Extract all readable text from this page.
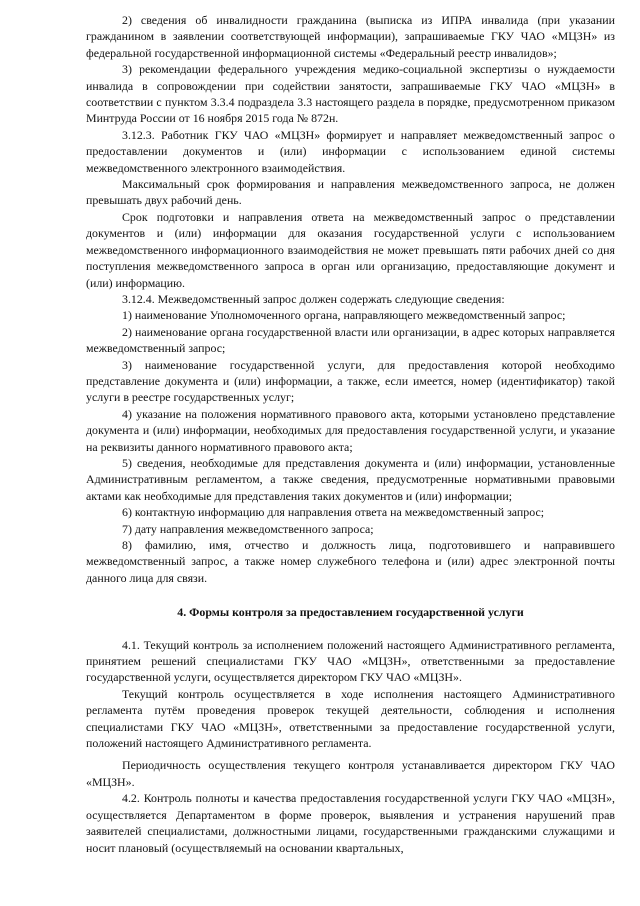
2) сведения об инвалидности гражданина (выписка из ИПРА инвалида (при указании гражданином в заявлении соответствующей информации), запрашиваемые ГКУ ЧАО «МЦЗН» из федеральной государственной информационной системы «Федеральный реестр инвалидов»;

3) рекомендации федерального учреждения медико-социальной экспертизы о нуждаемости инвалида в сопровождении при содействии занятости, запрашиваемые ГКУ ЧАО «МЦЗН» в соответствии с пунктом 3.3.4 подраздела 3.3 настоящего раздела в порядке, предусмотренном приказом Минтруда России от 16 ноября 2015 года № 872н.

3.12.3. Работник ГКУ ЧАО «МЦЗН» формирует и направляет межведомственный запрос о предоставлении документов и (или) информации с использованием единой системы межведомственного электронного взаимодействия.

Максимальный срок формирования и направления межведомственного запроса, не должен превышать двух рабочий день.

Срок подготовки и направления ответа на межведомственный запрос о представлении документов и (или) информации для оказания государственной услуги с использованием межведомственного информационного взаимодействия не может превышать пяти рабочих дней со дня поступления межведомственного запроса в орган или организацию, предоставляющие документ и (или) информацию.

3.12.4. Межведомственный запрос должен содержать следующие сведения:

1) наименование Уполномоченного органа, направляющего межведомственный запрос;

2) наименование органа государственной власти или организации, в адрес которых направляется межведомственный запрос;

3) наименование государственной услуги, для предоставления которой необходимо представление документа и (или) информации, а также, если имеется, номер (идентификатор) такой услуги в реестре государственных услуг;

4) указание на положения нормативного правового акта, которыми установлено представление документа и (или) информации, необходимых для предоставления государственной услуги, и указание на реквизиты данного нормативного правового акта;

5) сведения, необходимые для представления документа и (или) информации, установленные Административным регламентом, а также сведения, предусмотренные нормативными правовыми актами как необходимые для представления таких документов и (или) информации;

6) контактную информацию для направления ответа на межведомственный запрос;

7) дату направления межведомственного запроса;

8) фамилию, имя, отчество и должность лица, подготовившего и направившего межведомственный запрос, а также номер служебного телефона и (или) адрес электронной почты данного лица для связи.

4. Формы контроля за предоставлением государственной услуги

4.1. Текущий контроль за исполнением положений настоящего Административного регламента, принятием решений специалистами ГКУ ЧАО «МЦЗН», ответственными за предоставление государственной услуги, осуществляется директором ГКУ ЧАО «МЦЗН».

Текущий контроль осуществляется в ходе исполнения настоящего Административного регламента путём проведения проверок текущей деятельности, соблюдения и исполнения специалистами ГКУ ЧАО «МЦЗН», ответственными за предоставление государственной услуги, положений настоящего Административного регламента.

Периодичность осуществления текущего контроля устанавливается директором ГКУ ЧАО «МЦЗН».

4.2. Контроль полноты и качества предоставления государственной услуги ГКУ ЧАО «МЦЗН», осуществляется Департаментом в форме проверок, выявления и устранения нарушений прав заявителей специалистами, должностными лицами, государственными гражданскими служащими и носит плановый (осуществляемый на основании квартальных,
